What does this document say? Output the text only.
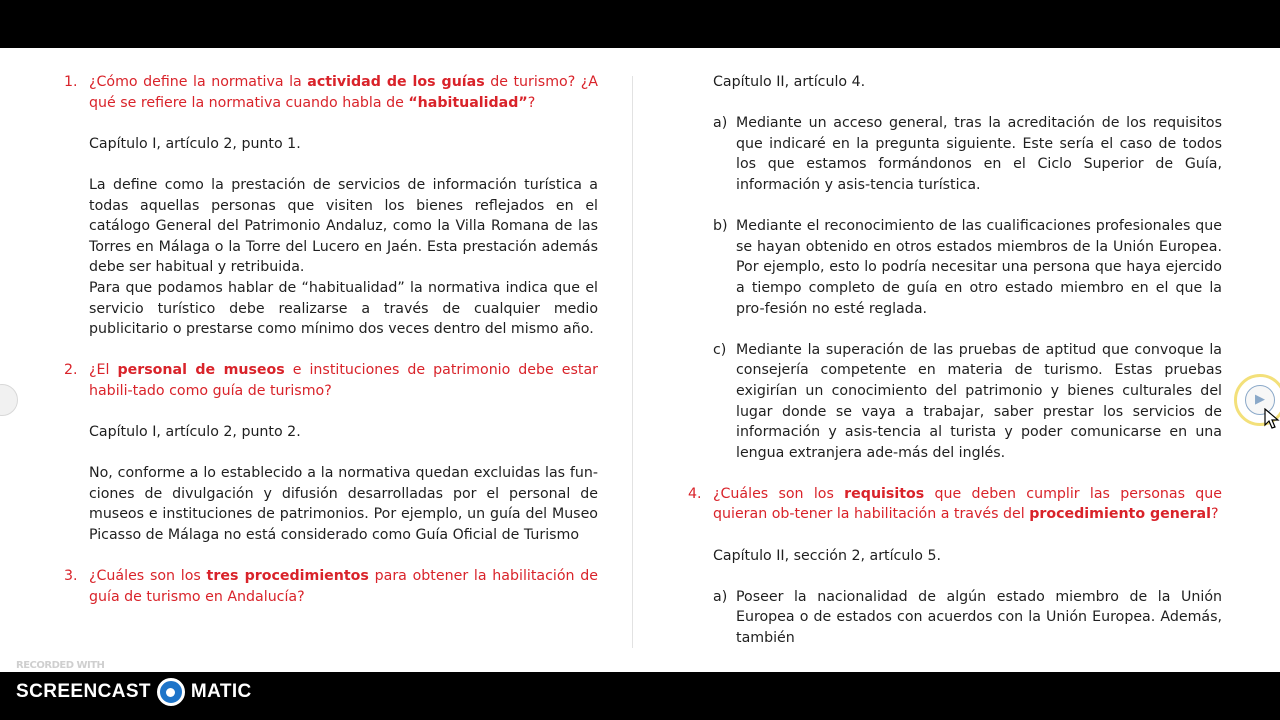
1. ¿Cómo define la normativa la actividad de los guías de turismo? ¿A qué se refiere la normativa cuando habla de “habitualidad”?

Capítulo I, artículo 2, punto 1.

La define como la prestación de servicios de información turística a todas aquellas personas que visiten los bienes reflejados en el catálogo General del Patrimonio Andaluz, como la Villa Romana de las Torres en Málaga o la Torre del Lucero en Jaén. Esta prestación además debe ser habitual y retribuida.

Para que podamos hablar de “habitualidad” la normativa indica que el servicio turístico debe realizarse a través de cualquier medio publicitario o prestarse como mínimo dos veces dentro del mismo año.

2. ¿El personal de museos e instituciones de patrimonio debe estar habili-tado como guía de turismo?

Capítulo I, artículo 2, punto 2.

No, conforme a lo establecido a la normativa quedan excluidas las fun-ciones de divulgación y difusión desarrolladas por el personal de museos e instituciones de patrimonios. Por ejemplo, un guía del Museo Picasso de Málaga no está considerado como Guía Oficial de Turismo

3. ¿Cuáles son los tres procedimientos para obtener la habilitación de guía de turismo en Andalucía?

Capítulo II, artículo 4.

a) Mediante un acceso general, tras la acreditación de los requisitos que indicaré en la pregunta siguiente. Este sería el caso de todos los que estamos formándonos en el Ciclo Superior de Guía, información y asis-tencia turística.

b) Mediante el reconocimiento de las cualificaciones profesionales que se hayan obtenido en otros estados miembros de la Unión Europea. Por ejemplo, esto lo podría necesitar una persona que haya ejercido a tiempo completo de guía en otro estado miembro en el que la pro-fesión no esté reglada.

c) Mediante la superación de las pruebas de aptitud que convoque la consejería competente en materia de turismo. Estas pruebas exigirían un conocimiento del patrimonio y bienes culturales del lugar donde se vaya a trabajar, saber prestar los servicios de información y asis-tencia al turista y poder comunicarse en una lengua extranjera ade-más del inglés.

4. ¿Cuáles son los requisitos que deben cumplir las personas que quieran ob-tener la habilitación a través del procedimiento general?

Capítulo II, sección 2, artículo 5.

a) Poseer la nacionalidad de algún estado miembro de la Unión Europea o de estados con acuerdos con la Unión Europea. Además, también

▶
RECORDED WITH
SCREENCAST MATIC
